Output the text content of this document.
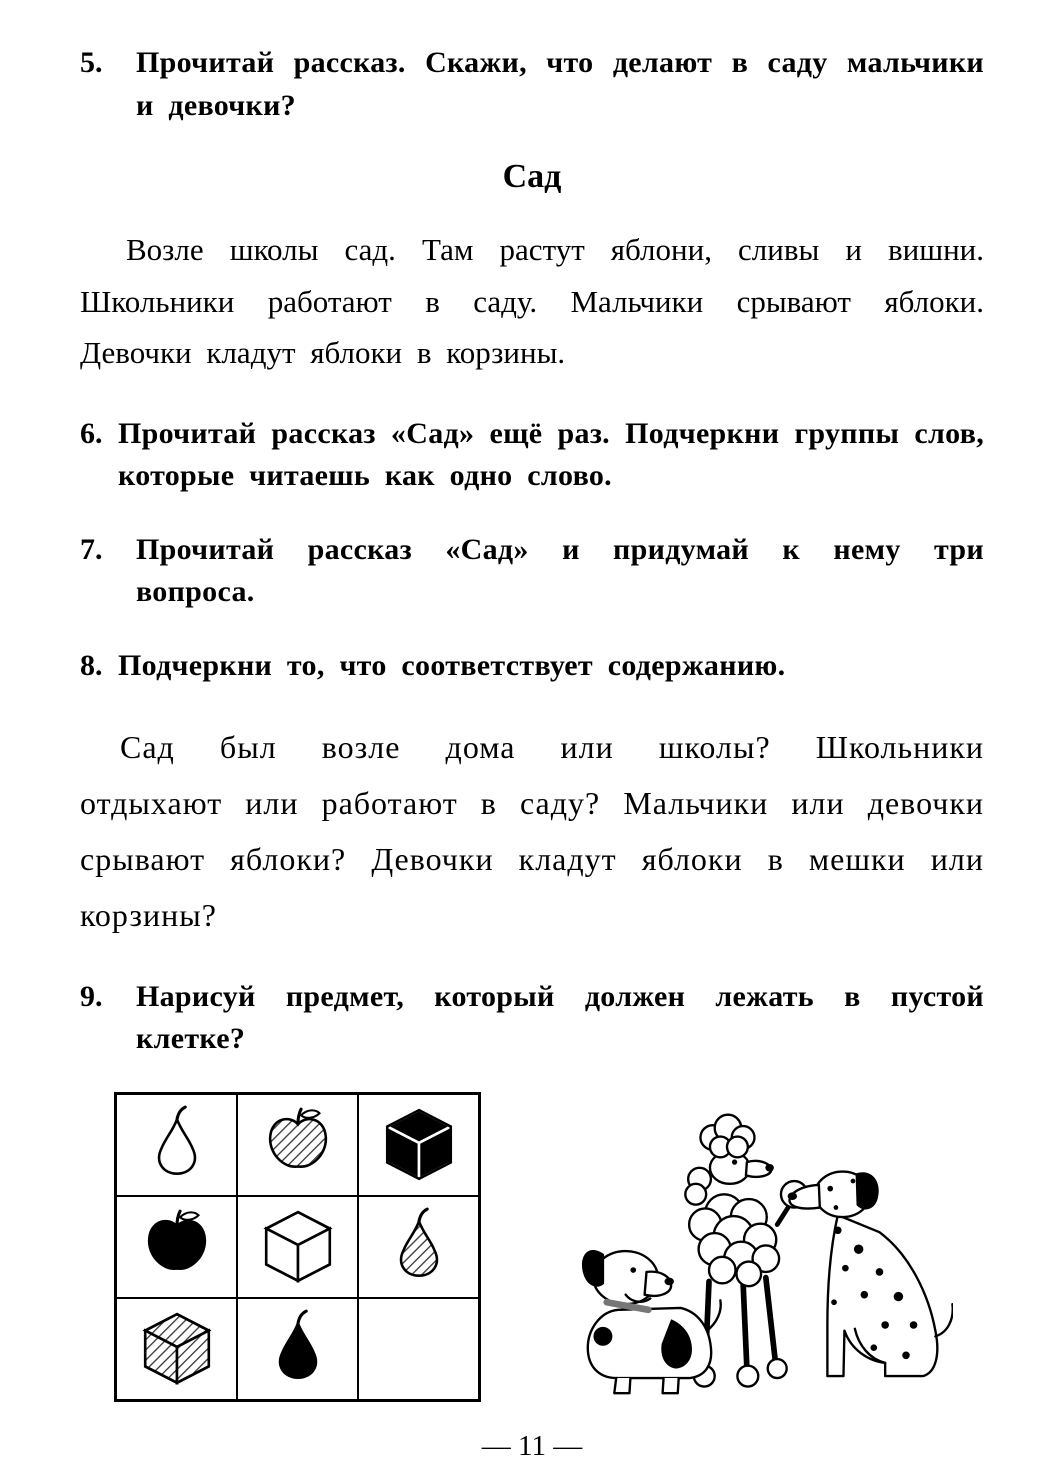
5.	Прочитай рассказ. Скажи, что делают в саду мальчики и девочки?
Сад

Возле школы сад. Там растут яблони, сливы и вишни. Школьники работают в саду. Мальчики срывают яблоки. Девочки кладут яблоки в корзины.

6. Прочитай рассказ «Сад» ещё раз. Подчеркни группы слов, которые читаешь как одно слово.
7.	Прочитай рассказ «Сад» и придумай к нему три вопроса.
8. Подчеркни то, что соответствует содержанию.

Сад был возле дома или школы? Школьники отдыхают или работают в саду? Мальчики или девочки срывают яблоки? Девочки кладут яблоки в мешки или корзины?

9.	Нарисуй предмет, который должен лежать в пустой клетке?
— 11 —
